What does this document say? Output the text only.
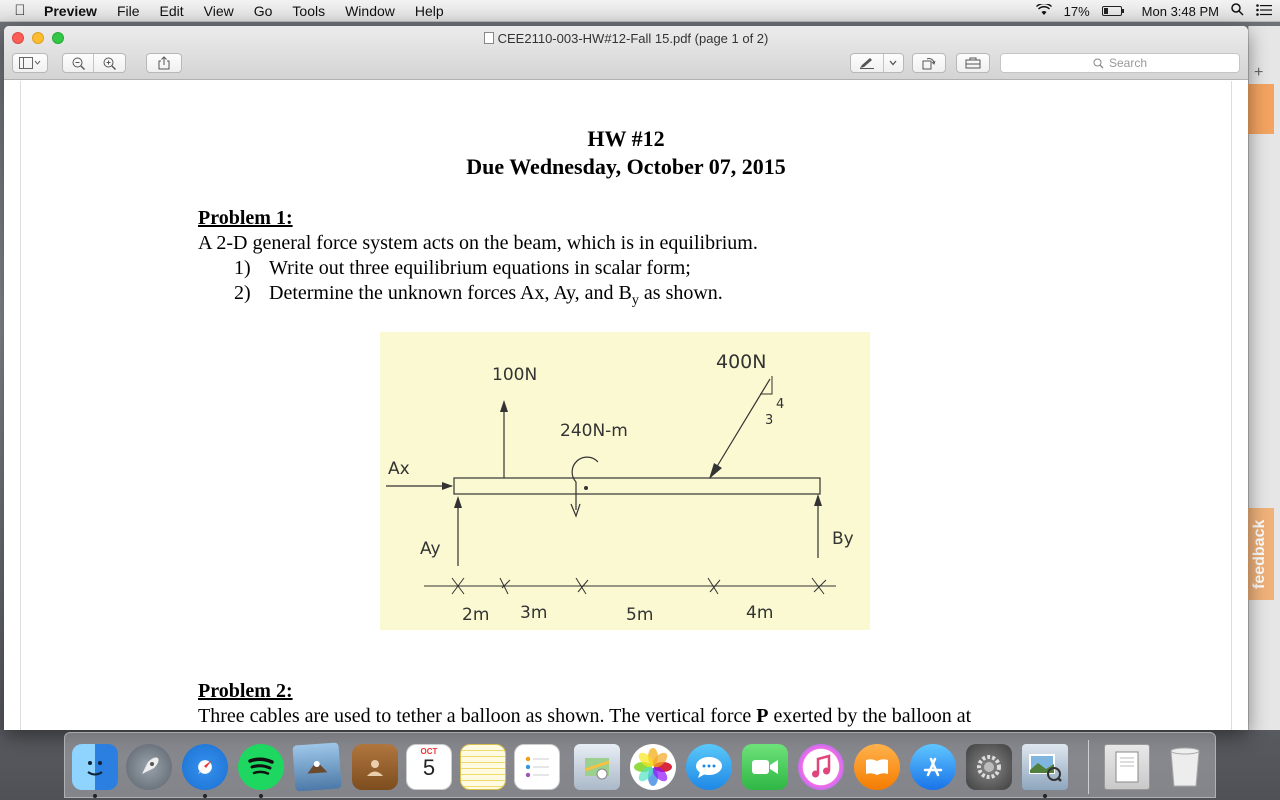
Preview	File	Edit	View	Go	Tools	Window	Help	17%	Mon 3:48 PM
+
feedback
CEE2110-003-HW#12-Fall 15.pdf (page 1 of 2)
Search
HW #12
Due Wednesday, October 07, 2015
Problem 1:
A 2-D general force system acts on the beam, which is in equilibrium.
1) Write out three equilibrium equations in scalar form;
2) Determine the unknown forces Ax, Ay, and $B_y$ as shown.
100N
400N
4
3
240N-m
Ax
Ay	By
2m 3m	5m	4m
Problem 2:
Three cables are used to tether a balloon as shown. The vertical force P exerted by the balloon at
OCT
5
